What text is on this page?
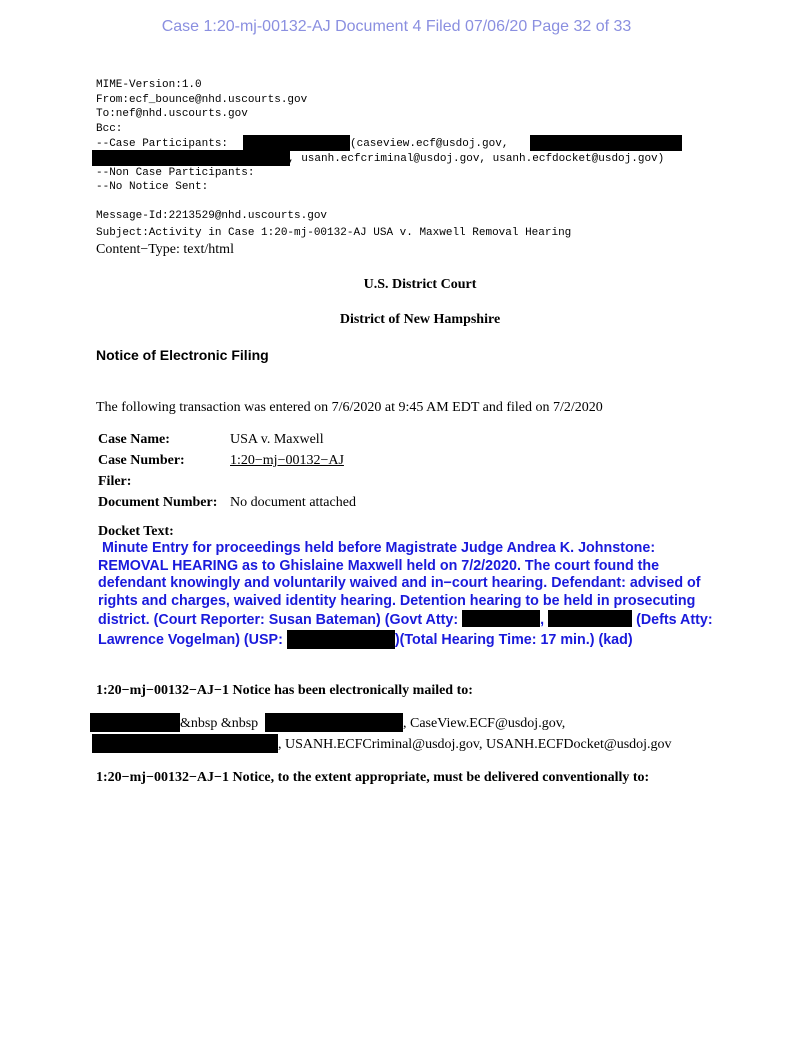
Case 1:20-mj-00132-AJ Document 4 Filed 07/06/20 Page 32 of 33
MIME-Version:1.0
From:ecf_bounce@nhd.uscourts.gov
To:nef@nhd.uscourts.gov
Bcc:
--Case Participants:	(caseview.ecf@usdoj.gov,
, usanh.ecfcriminal@usdoj.gov, usanh.ecfdocket@usdoj.gov)
--Non Case Participants:
--No Notice Sent:
Message-Id:2213529@nhd.uscourts.gov
Subject:Activity in Case 1:20-mj-00132-AJ USA v. Maxwell Removal Hearing
Content−Type: text/html
U.S. District Court
District of New Hampshire
Notice of Electronic Filing
The following transaction was entered on 7/6/2020 at 9:45 AM EDT and filed on 7/2/2020
Case Name:	USA v. Maxwell
Case Number:	1:20−mj−00132−AJ
Filer:	
Document Number:	No document attached
Docket Text:
Minute Entry for proceedings held before Magistrate Judge Andrea K. Johnstone:
REMOVAL HEARING as to Ghislaine Maxwell held on 7/2/2020. The court found the
defendant knowingly and voluntarily waived and in−court hearing. Defendant: advised of
rights and charges, waived identity hearing. Detention hearing to be held in prosecuting
district. (Court Reporter: Susan Bateman) (Govt Atty:	,	(Defts Atty:
Lawrence Vogelman) (USP:	)(Total Hearing Time: 17 min.) (kad)
1:20−mj−00132−AJ−1 Notice has been electronically mailed to:
&nbsp &nbsp	, CaseView.ECF@usdoj.gov,
, USANH.ECFCriminal@usdoj.gov, USANH.ECFDocket@usdoj.gov
1:20−mj−00132−AJ−1 Notice, to the extent appropriate, must be delivered conventionally to:
